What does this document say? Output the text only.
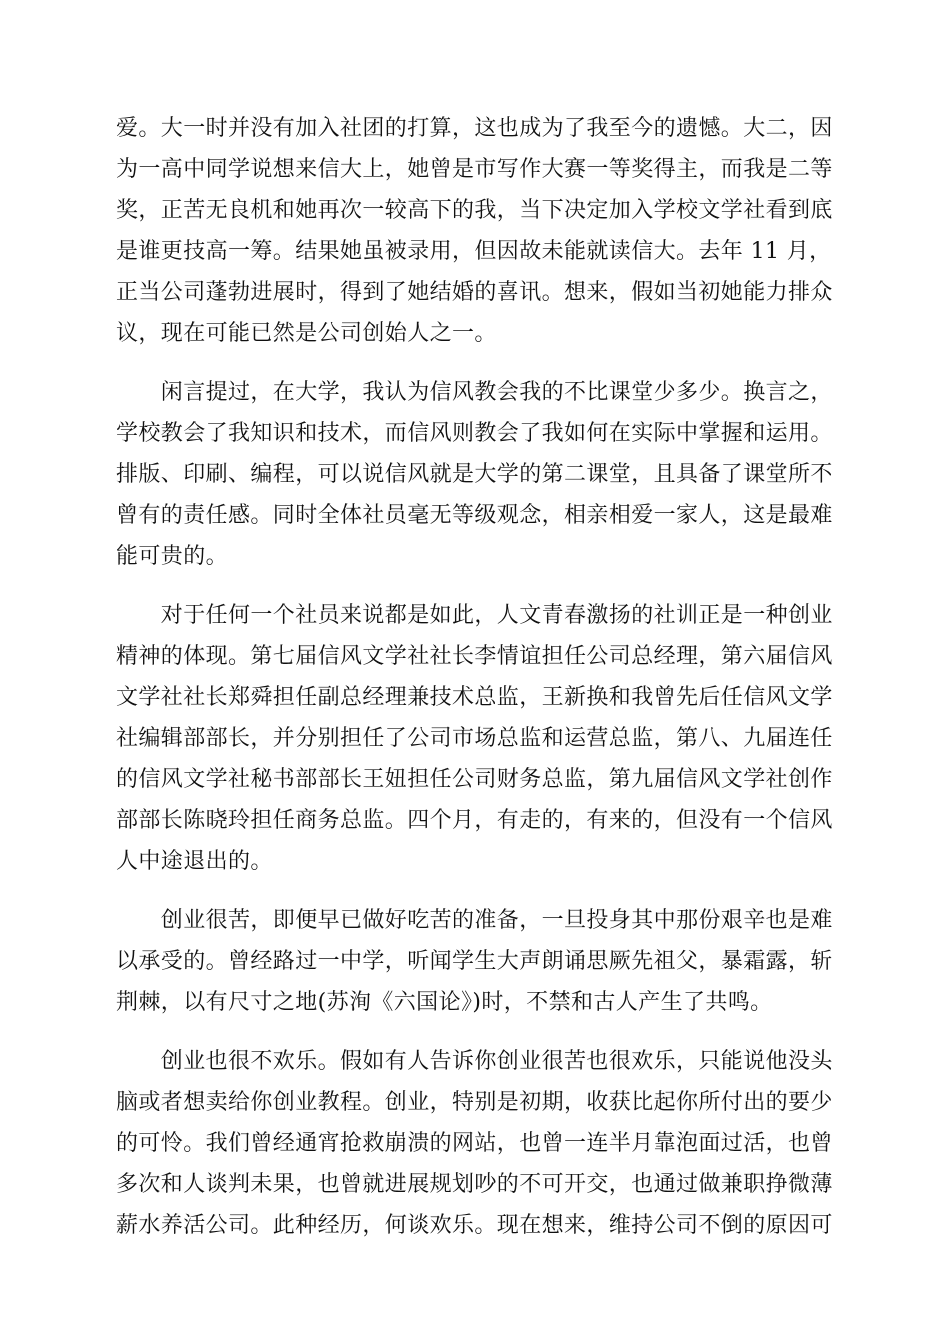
爱。大一时并没有加入社团的打算，这也成为了我至今的遗憾。大二，因
为一高中同学说想来信大上，她曾是市写作大赛一等奖得主，而我是二等
奖，正苦无良机和她再次一较高下的我，当下决定加入学校文学社看到底
是谁更技高一筹。结果她虽被录用，但因故未能就读信大。去年 11 月，
正当公司蓬勃进展时，得到了她结婚的喜讯。想来，假如当初她能力排众
议，现在可能已然是公司创始人之一。
　　闲言提过，在大学，我认为信风教会我的不比课堂少多少。换言之，
学校教会了我知识和技术，而信风则教会了我如何在实际中掌握和运用。
排版、印刷、编程，可以说信风就是大学的第二课堂，且具备了课堂所不
曾有的责任感。同时全体社员毫无等级观念，相亲相爱一家人，这是最难
能可贵的。
　　对于任何一个社员来说都是如此，人文青春激扬的社训正是一种创业
精神的体现。第七届信风文学社社长李情谊担任公司总经理，第六届信风
文学社社长郑舜担任副总经理兼技术总监，王新换和我曾先后任信风文学
社编辑部部长，并分别担任了公司市场总监和运营总监，第八、九届连任
的信风文学社秘书部部长王妞担任公司财务总监，第九届信风文学社创作
部部长陈晓玲担任商务总监。四个月，有走的，有来的，但没有一个信风
人中途退出的。
　　创业很苦，即便早已做好吃苦的准备，一旦投身其中那份艰辛也是难
以承受的。曾经路过一中学，听闻学生大声朗诵思厥先祖父，暴霜露，斩
荆棘，以有尺寸之地(苏洵《六国论》)时，不禁和古人产生了共鸣。
　　创业也很不欢乐。假如有人告诉你创业很苦也很欢乐，只能说他没头
脑或者想卖给你创业教程。创业，特别是初期，收获比起你所付出的要少
的可怜。我们曾经通宵抢救崩溃的网站，也曾一连半月靠泡面过活，也曾
多次和人谈判未果，也曾就进展规划吵的不可开交，也通过做兼职挣微薄
薪水养活公司。此种经历，何谈欢乐。现在想来，维持公司不倒的原因可
